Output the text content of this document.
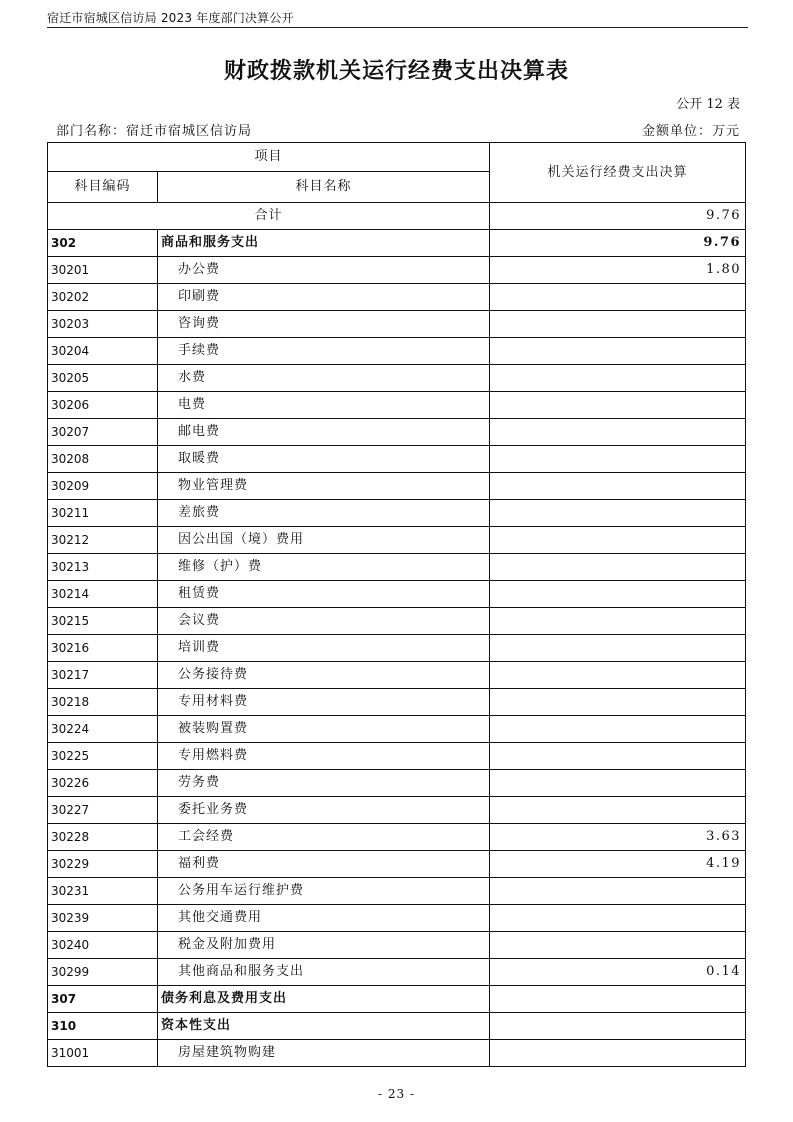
宿迁市宿城区信访局 2023 年度部门决算公开
财政拨款机关运行经费支出决算表
公开 12 表
部门名称：宿迁市宿城区信访局	金额单位：万元
项目		机关运行经费支出决算
科目编码	科目名称	
合计		9.76
302	商品和服务支出	9.76
30201	办公费	1.80
30202	印刷费	
30203	咨询费	
30204	手续费	
30205	水费	
30206	电费	
30207	邮电费	
30208	取暖费	
30209	物业管理费	
30211	差旅费	
30212	因公出国（境）费用	
30213	维修（护）费	
30214	租赁费	
30215	会议费	
30216	培训费	
30217	公务接待费	
30218	专用材料费	
30224	被装购置费	
30225	专用燃料费	
30226	劳务费	
30227	委托业务费	
30228	工会经费	3.63
30229	福利费	4.19
30231	公务用车运行维护费	
30239	其他交通费用	
30240	税金及附加费用	
30299	其他商品和服务支出	0.14
307	债务利息及费用支出	
310	资本性支出	
31001	房屋建筑物购建	
- 23 -
